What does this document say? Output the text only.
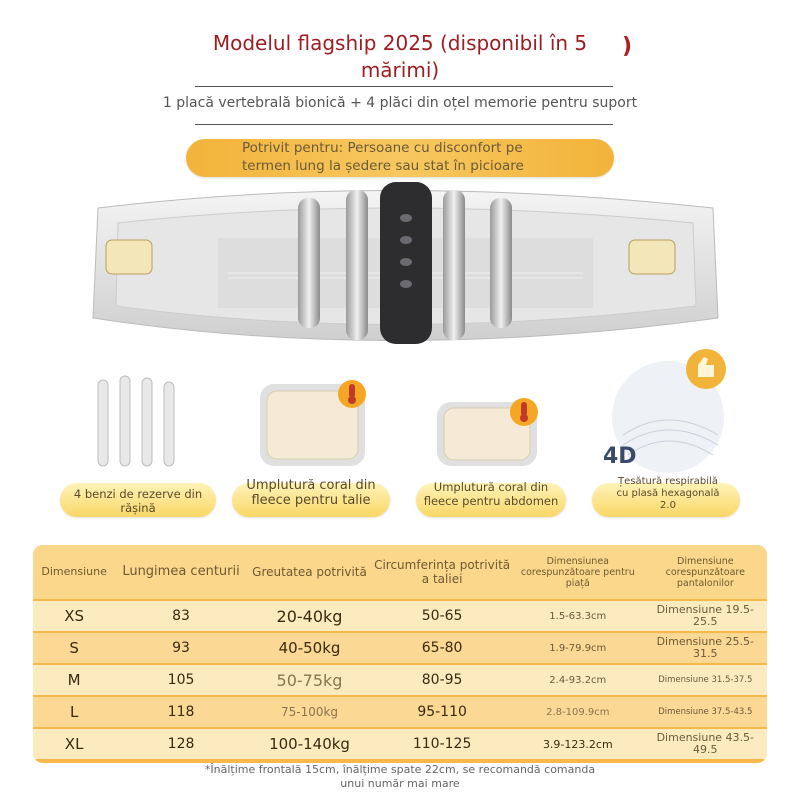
Modelul flagship 2025 (disponibil în 5 mărimi)
)
1 placă vertebrală bionică + 4 plăci din oțel memorie pentru suport
Potrivit pentru: Persoane cu disconfort pe termen lung la ședere sau stat în picioare
4 benzi de rezerve din rășină
Umplutură coral din fleece pentru talie
Umplutură coral din fleece pentru abdomen
4D
Țesătură respirabilă cu plasă hexagonală 2.0
Dimensiune	Lungimea centurii	Greutatea potrivită	Circumferința potrivită a taliei	Dimensiunea corespunzătoare pentru piață	Dimensiune corespunzătoare pantalonilor
XS	83	20-40kg	50-65	1.5-63.3cm	Dimensiune 19.5-25.5
S	93	40-50kg	65-80	1.9-79.9cm	Dimensiune 25.5-31.5
M	105	50-75kg	80-95	2.4-93.2cm	Dimensiune 31.5-37.5
L	118	75-100kg	95-110	2.8-109.9cm	Dimensiune 37.5-43.5
XL	128	100-140kg	110-125	3.9-123.2cm	Dimensiune 43.5-49.5
*Înălțime frontală 15cm, înălțime spate 22cm, se recomandă comanda unui număr mai mare
